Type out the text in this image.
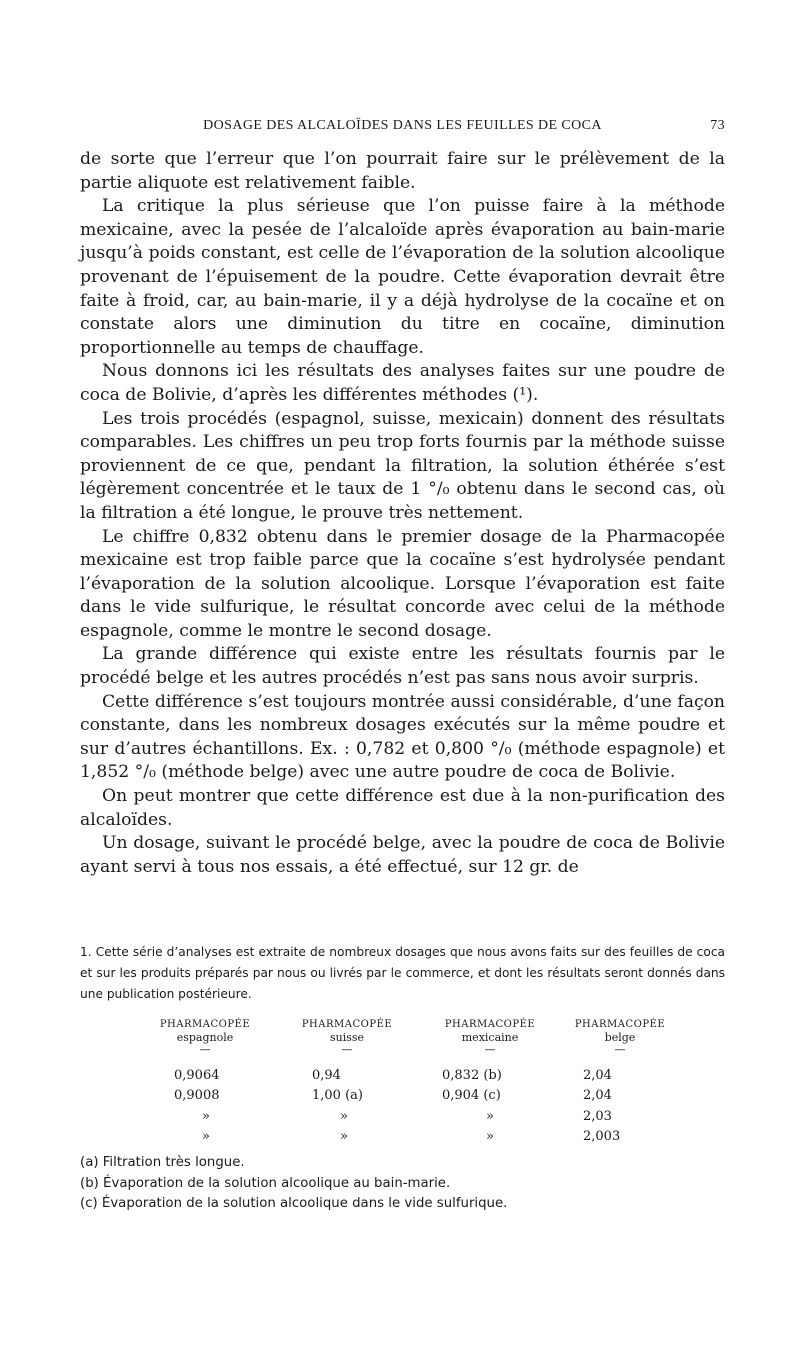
DOSAGE DES ALCALOÏDES DANS LES FEUILLES DE COCA	73

de sorte que l’erreur que l’on pourrait faire sur le prélèvement de la partie aliquote est relativement faible.

La critique la plus sérieuse que l’on puisse faire à la méthode mexicaine, avec la pesée de l’alcaloïde après évaporation au bain-marie jusqu’à poids constant, est celle de l’évaporation de la solution alcoolique provenant de l’épuisement de la poudre. Cette évaporation devrait être faite à froid, car, au bain-marie, il y a déjà hydrolyse de la cocaïne et on constate alors une diminution du titre en cocaïne, diminution proportionnelle au temps de chauffage.

Nous donnons ici les résultats des analyses faites sur une poudre de coca de Bolivie, d’après les différentes méthodes (¹).

Les trois procédés (espagnol, suisse, mexicain) donnent des résultats comparables. Les chiffres un peu trop forts fournis par la méthode suisse proviennent de ce que, pendant la filtration, la solution éthérée s’est légèrement concentrée et le taux de 1 °/₀ obtenu dans le second cas, où la filtration a été longue, le prouve très nettement.

Le chiffre 0,832 obtenu dans le premier dosage de la Pharmacopée mexicaine est trop faible parce que la cocaïne s’est hydrolysée pendant l’évaporation de la solution alcoolique. Lorsque l’évaporation est faite dans le vide sulfurique, le résultat concorde avec celui de la méthode espagnole, comme le montre le second dosage.

La grande différence qui existe entre les résultats fournis par le procédé belge et les autres procédés n’est pas sans nous avoir surpris.

Cette différence s’est toujours montrée aussi considérable, d’une façon constante, dans les nombreux dosages exécutés sur la même poudre et sur d’autres échantillons. Ex. : 0,782 et 0,800 °/₀ (méthode espagnole) et 1,852 °/₀ (méthode belge) avec une autre poudre de coca de Bolivie.

On peut montrer que cette différence est due à la non-purification des alcaloïdes.

Un dosage, suivant le procédé belge, avec la poudre de coca de Bolivie ayant servi à tous nos essais, a été effectué, sur 12 gr. de

1. Cette série d’analyses est extraite de nombreux dosages que nous avons faits sur des feuilles de coca et sur les produits préparés par nous ou livrés par le commerce, et dont les résultats seront donnés dans une publication postérieure.
PHARMACOPÉE
espagnole
—
0,9064
0,9008
»
»
PHARMACOPÉE
suisse
—
0,94
1,00 (a)
»
»
PHARMACOPÉE
mexicaine
—
0,832 (b)
0,904 (c)
»
»
PHARMACOPÉE
belge
—
2,04
2,04
2,03
2,003
(a) Filtration très longue.
(b) Évaporation de la solution alcoolique au bain-marie.
(c) Évaporation de la solution alcoolique dans le vide sulfurique.
